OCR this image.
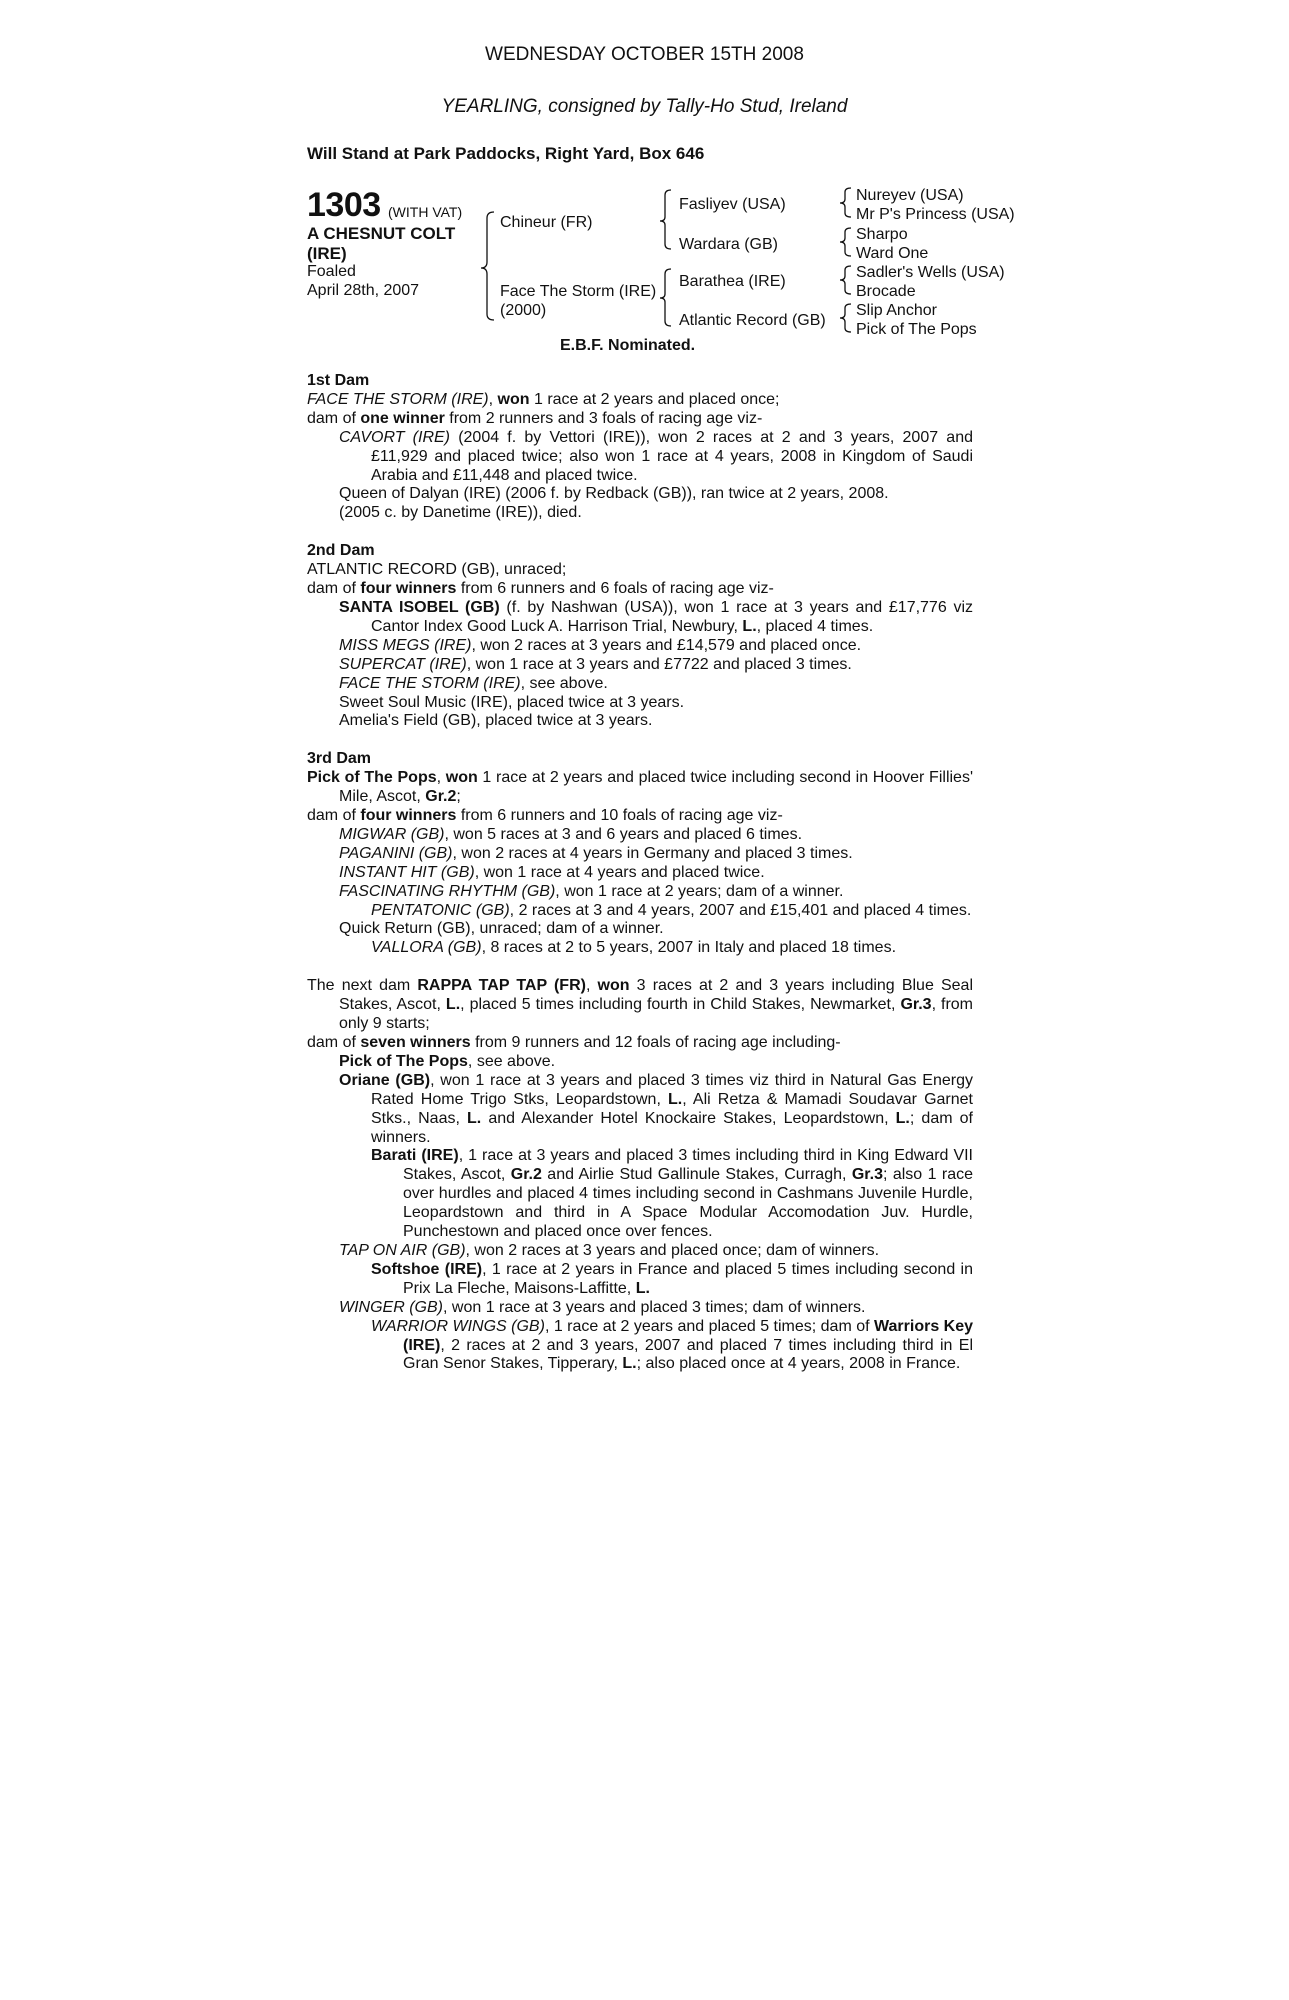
WEDNESDAY OCTOBER 15TH 2008
YEARLING, consigned by Tally-Ho Stud, Ireland
Will Stand at Park Paddocks, Right Yard, Box 646
1303 (WITH VAT)
A CHESNUT COLT
(IRE)
Foaled
April 28th, 2007
Chineur (FR)
Face The Storm (IRE)
(2000)
Fasliyev (USA)
Wardara (GB)
Barathea (IRE)
Atlantic Record (GB)
Nureyev (USA)
Mr P's Princess (USA)
Sharpo
Ward One
Sadler's Wells (USA)
Brocade
Slip Anchor
Pick of The Pops
E.B.F. Nominated.

1st Dam

FACE THE STORM (IRE), won 1 race at 2 years and placed once;

dam of one winner from 2 runners and 3 foals of racing age viz-

CAVORT (IRE) (2004 f. by Vettori (IRE)), won 2 races at 2 and 3 years, 2007 and £11,929 and placed twice; also won 1 race at 4 years, 2008 in Kingdom of Saudi Arabia and £11,448 and placed twice.

Queen of Dalyan (IRE) (2006 f. by Redback (GB)), ran twice at 2 years, 2008.

(2005 c. by Danetime (IRE)), died.

2nd Dam

ATLANTIC RECORD (GB), unraced;

dam of four winners from 6 runners and 6 foals of racing age viz-

SANTA ISOBEL (GB) (f. by Nashwan (USA)), won 1 race at 3 years and £17,776 viz Cantor Index Good Luck A. Harrison Trial, Newbury, L., placed 4 times.

MISS MEGS (IRE), won 2 races at 3 years and £14,579 and placed once.

SUPERCAT (IRE), won 1 race at 3 years and £7722 and placed 3 times.

FACE THE STORM (IRE), see above.

Sweet Soul Music (IRE), placed twice at 3 years.

Amelia's Field (GB), placed twice at 3 years.

3rd Dam

Pick of The Pops, won 1 race at 2 years and placed twice including second in Hoover Fillies' Mile, Ascot, Gr.2;

dam of four winners from 6 runners and 10 foals of racing age viz-

MIGWAR (GB), won 5 races at 3 and 6 years and placed 6 times.

PAGANINI (GB), won 2 races at 4 years in Germany and placed 3 times.

INSTANT HIT (GB), won 1 race at 4 years and placed twice.

FASCINATING RHYTHM (GB), won 1 race at 2 years; dam of a winner.

PENTATONIC (GB), 2 races at 3 and 4 years, 2007 and £15,401 and placed 4 times.

Quick Return (GB), unraced; dam of a winner.

VALLORA (GB), 8 races at 2 to 5 years, 2007 in Italy and placed 18 times.

The next dam RAPPA TAP TAP (FR), won 3 races at 2 and 3 years including Blue Seal Stakes, Ascot, L., placed 5 times including fourth in Child Stakes, Newmarket, Gr.3, from only 9 starts;

dam of seven winners from 9 runners and 12 foals of racing age including-

Pick of The Pops, see above.

Oriane (GB), won 1 race at 3 years and placed 3 times viz third in Natural Gas Energy Rated Home Trigo Stks, Leopardstown, L., Ali Retza & Mamadi Soudavar Garnet Stks., Naas, L. and Alexander Hotel Knockaire Stakes, Leopardstown, L.; dam of winners.

Barati (IRE), 1 race at 3 years and placed 3 times including third in King Edward VII Stakes, Ascot, Gr.2 and Airlie Stud Gallinule Stakes, Curragh, Gr.3; also 1 race over hurdles and placed 4 times including second in Cashmans Juvenile Hurdle, Leopardstown and third in A Space Modular Accomodation Juv. Hurdle, Punchestown and placed once over fences.

TAP ON AIR (GB), won 2 races at 3 years and placed once; dam of winners.

Softshoe (IRE), 1 race at 2 years in France and placed 5 times including second in Prix La Fleche, Maisons-Laffitte, L.

WINGER (GB), won 1 race at 3 years and placed 3 times; dam of winners.

WARRIOR WINGS (GB), 1 race at 2 years and placed 5 times; dam of Warriors Key (IRE), 2 races at 2 and 3 years, 2007 and placed 7 times including third in El Gran Senor Stakes, Tipperary, L.; also placed once at 4 years, 2008 in France.
